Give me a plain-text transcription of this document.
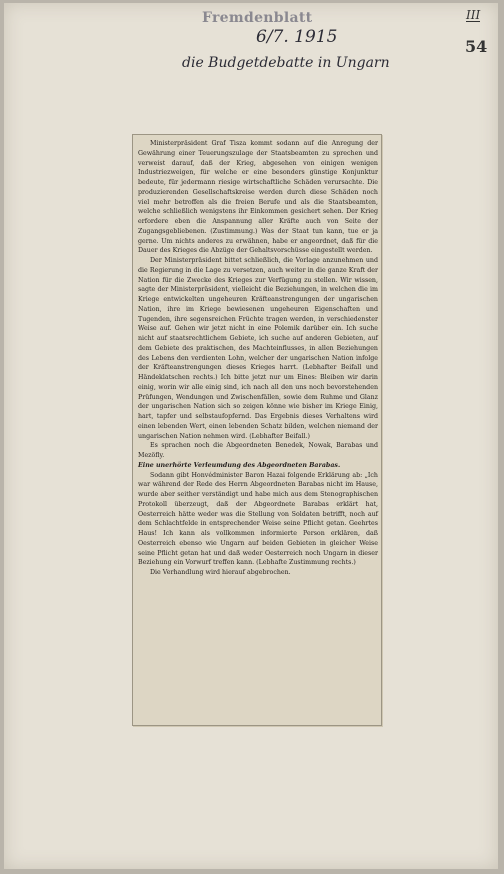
Fremdenblatt
6/7. 1915
III
54
die Budgetdebatte in Ungarn

Ministerpräsident Graf Tisza kommt sodann auf die Anregung der Gewährung einer Teuerungszulage der Staatsbeamten zu sprechen und verweist darauf, daß der Krieg, abgesehen von einigen wenigen Industriezweigen, für welche er eine besonders günstige Konjunktur bedeute, für jedermann riesige wirtschaftliche Schäden verursachte. Die produzierenden Gesellschaftskreise werden durch diese Schäden noch viel mehr betroffen als die freien Berufe und als die Staatsbeamten, welche schließlich wenigstens ihr Einkommen gesichert sehen. Der Krieg erfordere eben die Anspannung aller Kräfte auch von Seite der Zugangsgebliebenen. (Zustimmung.) Was der Staat tun kann, tue er ja gerne. Um nichts anderes zu erwähnen, habe er angeordnet, daß für die Dauer des Krieges die Abzüge der Gehaltsvorschüsse eingestellt werden.

Der Ministerpräsident bittet schließlich, die Vorlage anzunehmen und die Regierung in die Lage zu versetzen, auch weiter in die ganze Kraft der Nation für die Zwecke des Krieges zur Verfügung zu stellen. Wir wissen, sagte der Ministerpräsident, vielleicht die Beziehungen, in welchen die im Kriege entwickelten ungeheuren Kräfteanstrengungen der ungarischen Nation, ihre im Kriege bewiesenen ungeheuren Eigenschaften und Tugenden, ihre segensreichen Früchte tragen werden, in verschiedenster Weise auf. Gehen wir jetzt nicht in eine Polemik darüber ein. Ich suche nicht auf staatsrechtlichem Gebiete, ich suche auf anderen Gebieten, auf dem Gebiete des praktischen, des Machteinflusses, in allen Beziehungen des Lebens den verdienten Lohn, welcher der ungarischen Nation infolge der Kräfteanstrengungen dieses Krieges harrt. (Lebhafter Beifall und Händeklatschen rechts.) Ich bitte jetzt nur um Eines: Bleiben wir darin einig, worin wir alle einig sind, ich nach all den uns noch bevorstehenden Prüfungen, Wendungen und Zwischenfällen, sowie dem Ruhme und Glanz der ungarischen Nation sich so zeigen könne wie bisher im Kriege Einig, hart, tapfer und selbstaufopfernd. Das Ergebnis dieses Verhaltens wird einen lebenden Wert, einen lebenden Schatz bilden, welchen niemand der ungarischen Nation nehmen wird. (Lebhafter Beifall.)

Es sprachen noch die Abgeordneten Benedek, Nowak, Barabas und Mezöfly.

Eine unerhörte Verleumdung des Abgeordneten Barabas.

Sodann gibt Honvédminister Baron Hazai folgende Erklärung ab: „Ich war während der Rede des Herrn Abgeordneten Barabas nicht im Hause, wurde aber seither verständigt und habe mich aus dem Stenographischen Protokoll überzeugt, daß der Abgeordnete Barabas erklärt hat, Oesterreich hätte weder was die Stellung von Soldaten betrifft, noch auf dem Schlachtfelde in entsprechender Weise seine Pflicht getan. Geehrtes Haus! Ich kann als vollkommen informierte Person erklären, daß Oesterreich ebenso wie Ungarn auf beiden Gebieten in gleicher Weise seine Pflicht getan hat und daß weder Oesterreich noch Ungarn in dieser Beziehung ein Vorwurf treffen kann. (Lebhafte Zustimmung rechts.)

Die Verhandlung wird hierauf abgebrochen.
